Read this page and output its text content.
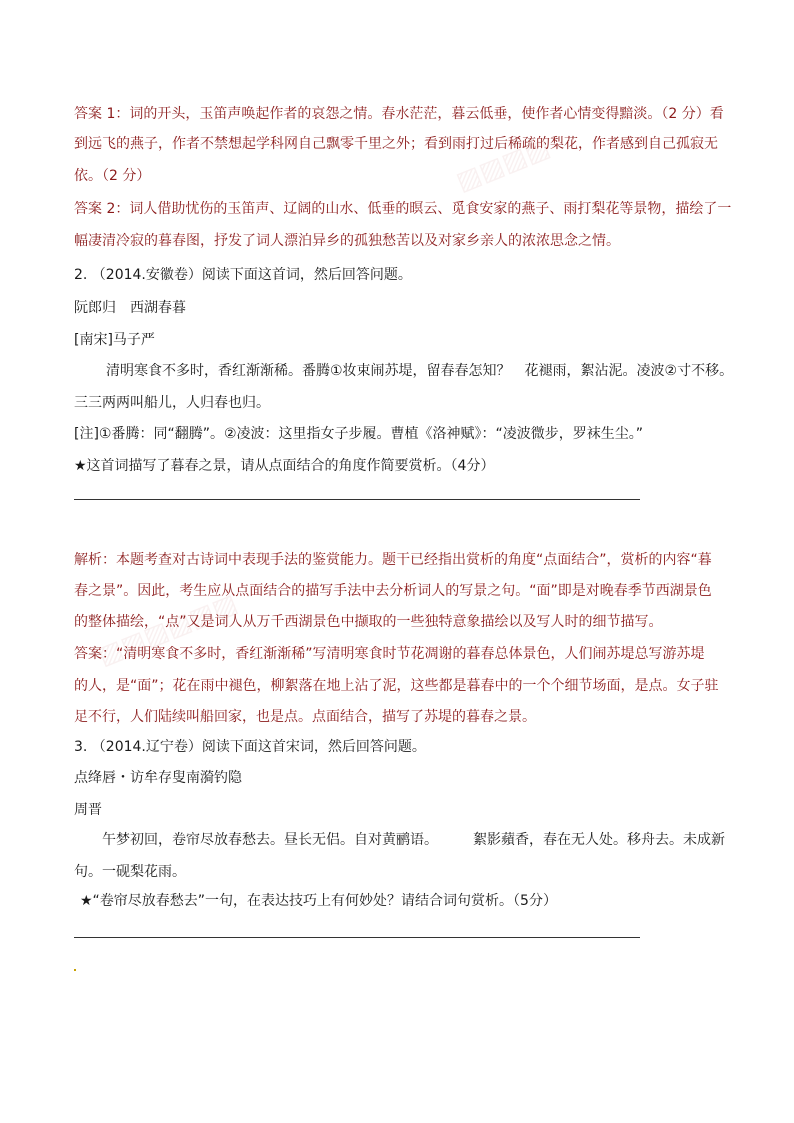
▨▨▨▨
▨▨▨▨▨▨
答案 1：词的开头，玉笛声唤起作者的哀怨之情。春水茫茫，暮云低垂，使作者心情变得黯淡。（2 分）看
到远飞的燕子，作者不禁想起学科网自己飘零千里之外；看到雨打过后稀疏的梨花，作者感到自己孤寂无
依。（2 分）
答案 2：词人借助忧伤的玉笛声、辽阔的山水、低垂的暝云、觅食安家的燕子、雨打梨花等景物，描绘了一
幅凄清冷寂的暮春图，抒发了词人漂泊异乡的孤独愁苦以及对家乡亲人的浓浓思念之情。
2. （2014.安徽卷）阅读下面这首词，然后回答问题。
阮郎归　西湖春暮
[南宋]马子严
清明寒食不多时，香红渐渐稀。番腾①妆束闹苏堤，留春春怎知？　花褪雨，絮沾泥。凌波②寸不移。
三三两两叫船儿，人归春也归。
[注]①番腾：同“翻腾”。②凌波：这里指女子步履。曹植《洛神赋》：“凌波微步，罗袜生尘。”
★这首词描写了暮春之景，请从点面结合的角度作简要赏析。（4分）
解析：本题考查对古诗词中表现手法的鉴赏能力。题干已经指出赏析的角度“点面结合”，赏析的内容“暮
春之景”。因此，考生应从点面结合的描写手法中去分析词人的写景之句。“面”即是对晚春季节西湖景色
的整体描绘，“点”又是词人从万千西湖景色中撷取的一些独特意象描绘以及写人时的细节描写。
答案：“清明寒食不多时，香红渐渐稀”写清明寒食时节花凋谢的暮春总体景色，人们闹苏堤总写游苏堤
的人，是“面”；花在雨中褪色，柳絮落在地上沾了泥，这些都是暮春中的一个个细节场面，是点。女子驻
足不行，人们陆续叫船回家，也是点。点面结合，描写了苏堤的暮春之景。
3. （2014.辽宁卷）阅读下面这首宋词，然后回答问题。
点绛唇・访牟存叟南漪钓隐
周晋
午梦初回，卷帘尽放春愁去。昼长无侣。自对黄鹂语。　　　絮影蘋香，春在无人处。移舟去。未成新
句。一砚梨花雨。
★“卷帘尽放春愁去”一句，在表达技巧上有何妙处？请结合词句赏析。（5分）
